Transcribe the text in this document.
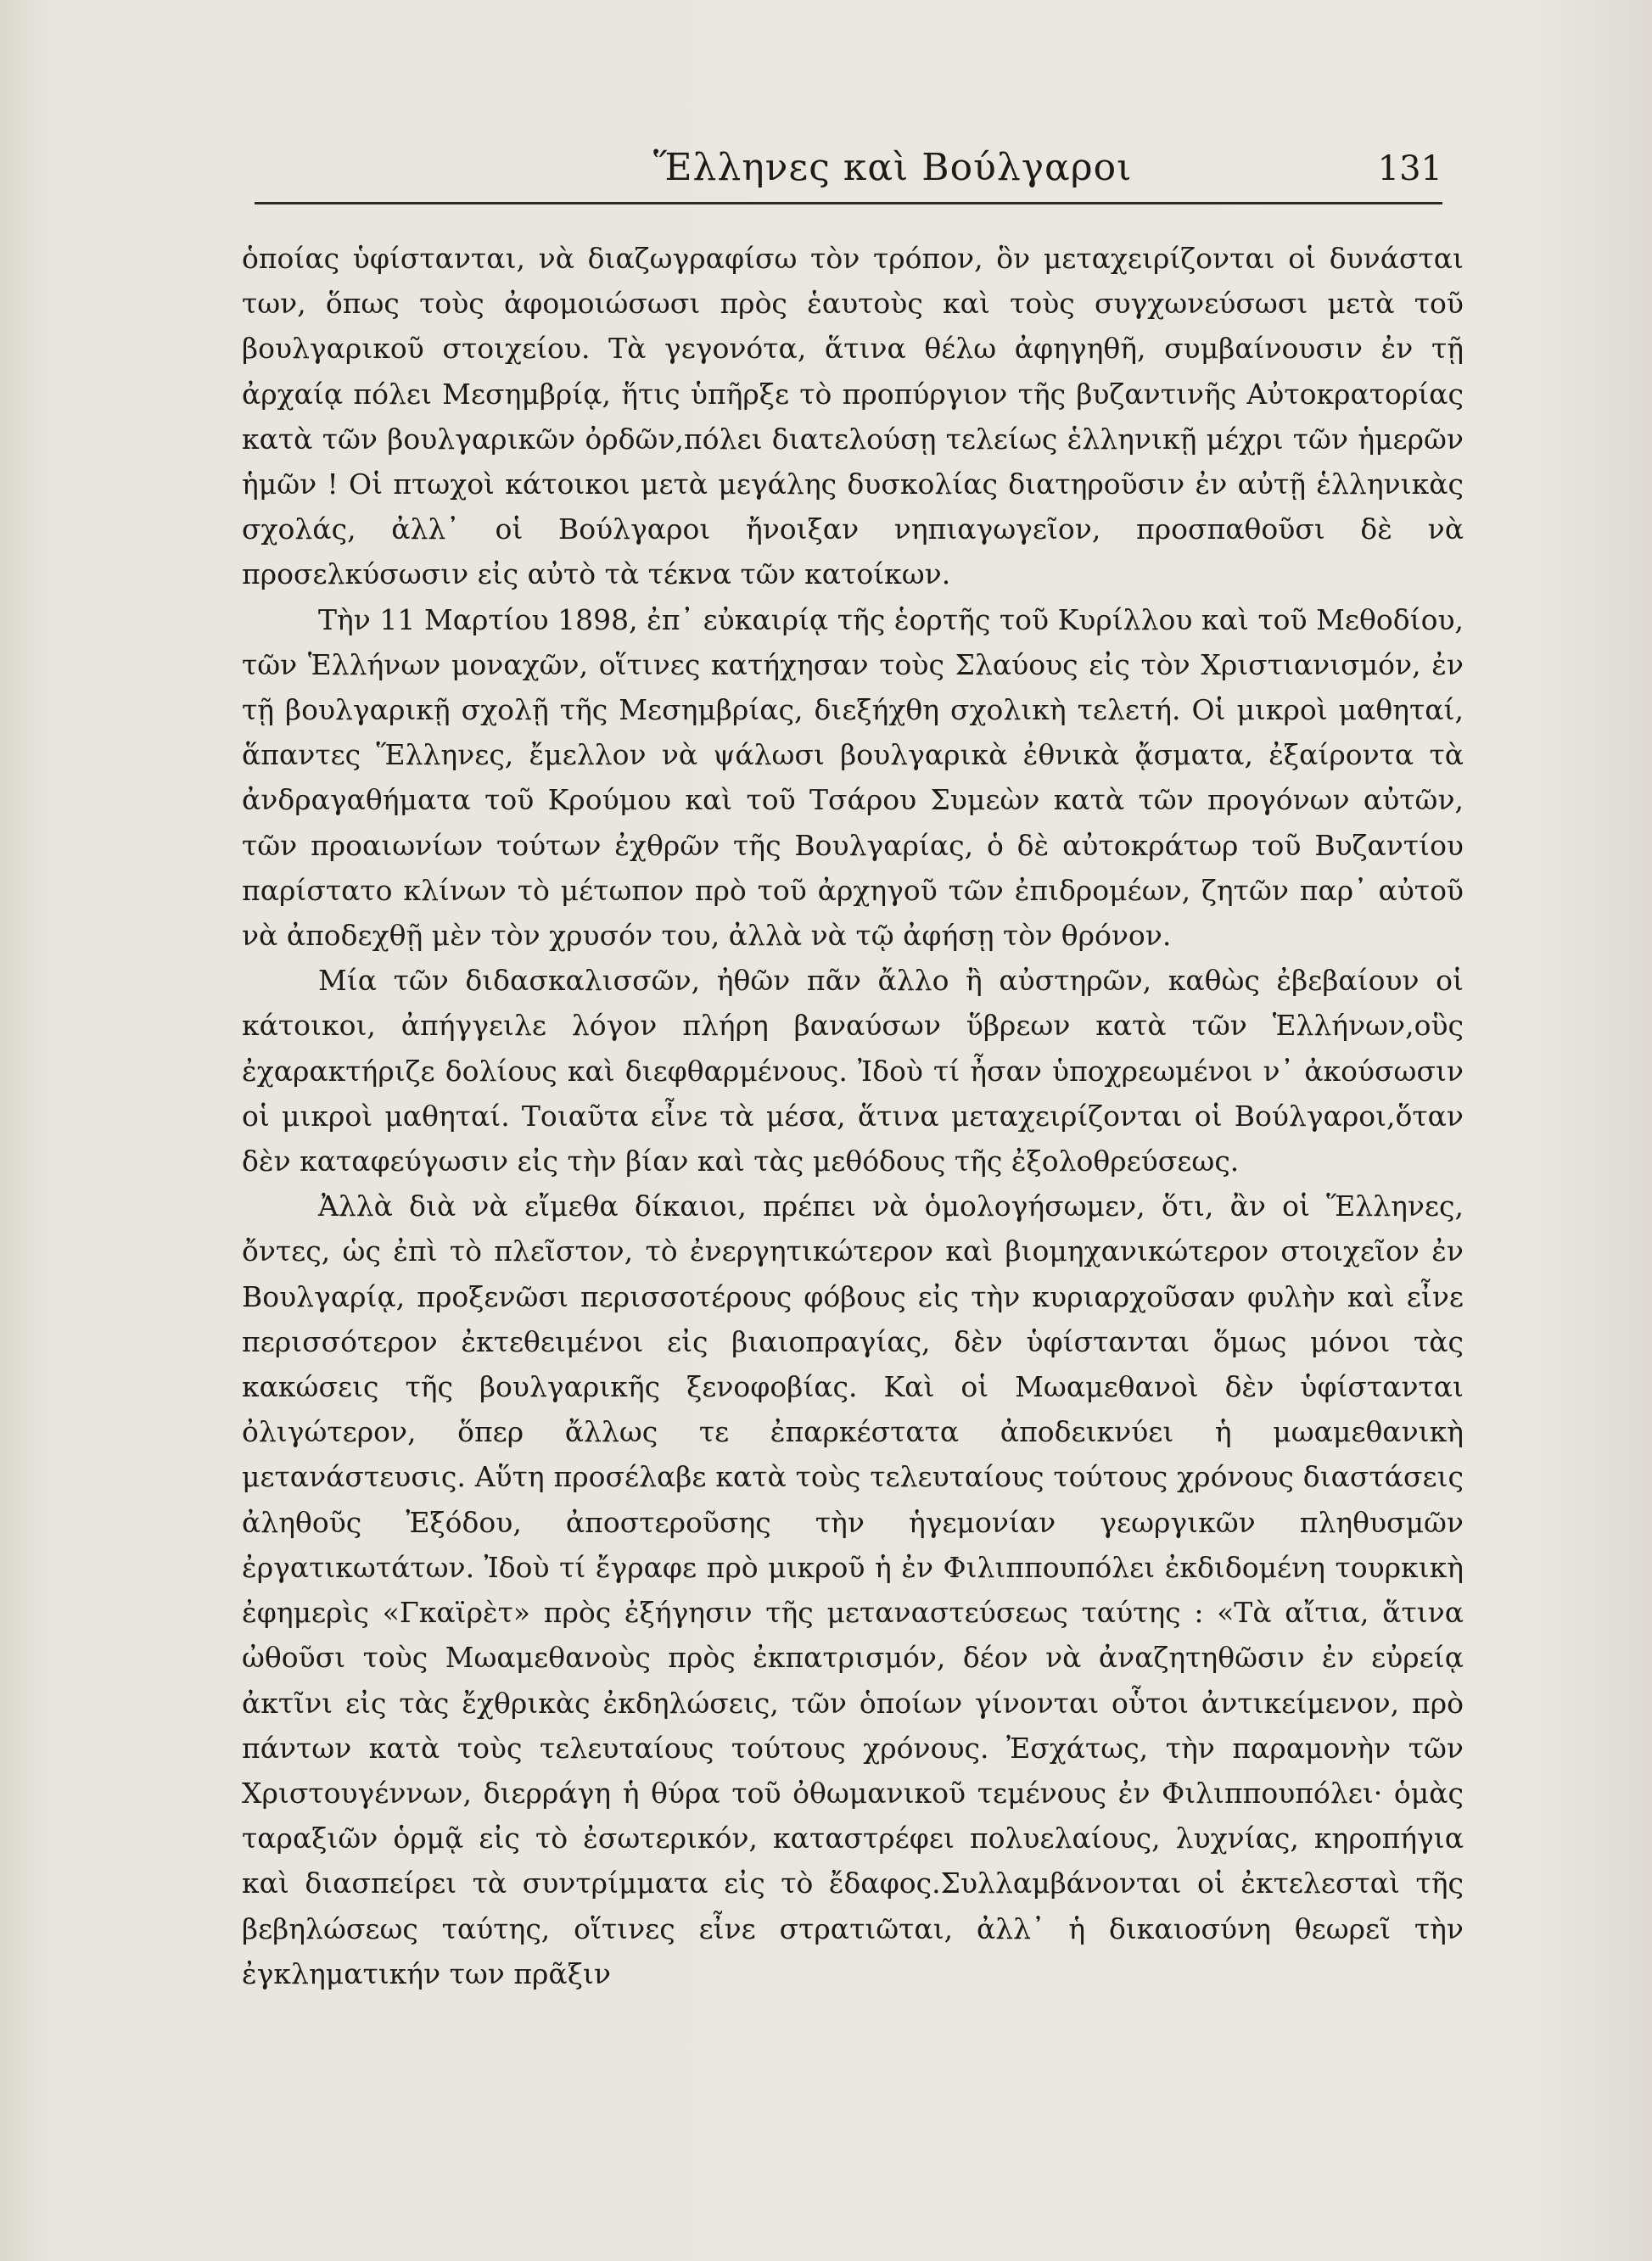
Ἕλληνες καὶ Βούλγαροι	131

ὁποίας ὑφίστανται, νὰ διαζωγραφίσω τὸν τρόπον, ὃν μεταχειρίζονται οἱ δυνάσται των, ὅπως τοὺς ἀφομοιώσωσι πρὸς ἑαυτοὺς καὶ τοὺς συγχωνεύσωσι μετὰ τοῦ βουλγαρικοῦ στοιχείου. Τὰ γεγονότα, ἅτινα θέλω ἀφηγηθῆ, συμβαίνουσιν ἐν τῇ ἀρχαίᾳ πόλει Μεσημβρίᾳ, ἥτις ὑπῆρξε τὸ προπύργιον τῆς βυζαντινῆς Αὐτοκρατορίας κατὰ τῶν βουλγαρικῶν ὀρδῶν,πόλει διατελούσῃ τελείως ἑλληνικῇ μέχρι τῶν ἡμερῶν ἡμῶν ! Οἱ πτωχοὶ κάτοικοι μετὰ μεγάλης δυσκολίας διατηροῦσιν ἐν αὐτῇ ἑλληνικὰς σχολάς, ἀλλ᾽ οἱ Βούλγαροι ἤνοιξαν νηπιαγωγεῖον, προσπαθοῦσι δὲ νὰ προσελκύσωσιν εἰς αὐτὸ τὰ τέκνα τῶν κατοίκων.

Τὴν 11 Μαρτίου 1898, ἐπ᾽ εὐκαιρίᾳ τῆς ἑορτῆς τοῦ Κυρίλλου καὶ τοῦ Μεθοδίου, τῶν Ἑλλήνων μοναχῶν, οἵτινες κατήχησαν τοὺς Σλαύους εἰς τὸν Χριστιανισμόν, ἐν τῇ βουλγαρικῇ σχολῇ τῆς Μεσημβρίας, διεξήχθη σχολικὴ τελετή. Οἱ μικροὶ μαθηταί, ἅπαντες Ἕλληνες, ἔμελλον νὰ ψάλωσι βουλγαρικὰ ἐθνικὰ ᾄσματα, ἐξαίροντα τὰ ἀνδραγαθήματα τοῦ Κρούμου καὶ τοῦ Τσάρου Συμεὼν κατὰ τῶν προγόνων αὐτῶν, τῶν προαιωνίων τούτων ἐχθρῶν τῆς Βουλγαρίας, ὁ δὲ αὐτοκράτωρ τοῦ Βυζαντίου παρίστατο κλίνων τὸ μέτωπον πρὸ τοῦ ἀρχηγοῦ τῶν ἐπιδρομέων, ζητῶν παρ᾽ αὐτοῦ νὰ ἀποδεχθῇ μὲν τὸν χρυσόν του, ἀλλὰ νὰ τῷ ἀφήσῃ τὸν θρόνον.

Μία τῶν διδασκαλισσῶν, ἠθῶν πᾶν ἄλλο ἢ αὐστηρῶν, καθὼς ἐβεβαίουν οἱ κάτοικοι, ἀπήγγειλε λόγον πλήρη βαναύσων ὕβρεων κατὰ τῶν Ἑλλήνων,οὓς ἐχαρακτήριζε δολίους καὶ διεφθαρμένους. Ἰδοὺ τί ἦσαν ὑποχρεωμένοι ν᾽ ἀκούσωσιν οἱ μικροὶ μαθηταί. Τοιαῦτα εἶνε τὰ μέσα, ἅτινα μεταχειρίζονται οἱ Βούλγαροι,ὅταν δὲν καταφεύγωσιν εἰς τὴν βίαν καὶ τὰς μεθόδους τῆς ἐξολοθρεύσεως.

Ἀλλὰ διὰ νὰ εἴμεθα δίκαιοι, πρέπει νὰ ὁμολογήσωμεν, ὅτι, ἂν οἱ Ἕλληνες, ὄντες, ὡς ἐπὶ τὸ πλεῖστον, τὸ ἐνεργητικώτερον καὶ βιομηχανικώτερον στοιχεῖον ἐν Βουλγαρίᾳ, προξενῶσι περισσοτέρους φόβους εἰς τὴν κυριαρχοῦσαν φυλὴν καὶ εἶνε περισσότερον ἐκτεθειμένοι εἰς βιαιοπραγίας, δὲν ὑφίστανται ὅμως μόνοι τὰς κακώσεις τῆς βουλγαρικῆς ξενοφοβίας. Καὶ οἱ Μωαμεθανοὶ δὲν ὑφίστανται ὀλιγώτερον, ὅπερ ἄλλως τε ἐπαρκέστατα ἀποδεικνύει ἡ μωαμεθανικὴ μετανάστευσις. Αὕτη προσέλαβε κατὰ τοὺς τελευταίους τούτους χρόνους διαστάσεις ἀληθοῦς Ἐξόδου, ἀποστεροῦσης τὴν ἡγεμονίαν γεωργικῶν πληθυσμῶν ἐργατικωτάτων. Ἰδοὺ τί ἔγραφε πρὸ μικροῦ ἡ ἐν Φιλιππουπόλει ἐκδιδομένη τουρκικὴ ἐφημερὶς «Γκαϊρὲτ» πρὸς ἐξήγησιν τῆς μεταναστεύσεως ταύτης : «Τὰ αἴτια, ἅτινα ὠθοῦσι τοὺς Μωαμεθανοὺς πρὸς ἐκπατρισμόν, δέον νὰ ἀναζητηθῶσιν ἐν εὐρείᾳ ἀκτῖνι εἰς τὰς ἔχθρικὰς ἐκδηλώσεις, τῶν ὁποίων γίνονται οὗτοι ἀντικείμενον, πρὸ πάντων κατὰ τοὺς τελευταίους τούτους χρόνους. Ἐσχάτως, τὴν παραμονὴν τῶν Χριστουγέννων, διερράγη ἡ θύρα τοῦ ὀθωμανικοῦ τεμένους ἐν Φιλιππουπόλει· ὁμὰς ταραξιῶν ὁρμᾷ εἰς τὸ ἐσωτερικόν, καταστρέφει πολυελαίους, λυχνίας, κηροπήγια καὶ διασπείρει τὰ συντρίμματα εἰς τὸ ἔδαφος.Συλλαμβάνονται οἱ ἐκτελεσταὶ τῆς βεβηλώσεως ταύτης, οἵτινες εἶνε στρατιῶται, ἀλλ᾽ ἡ δικαιοσύνη θεωρεῖ τὴν ἐγκληματικήν των πρᾶξιν
